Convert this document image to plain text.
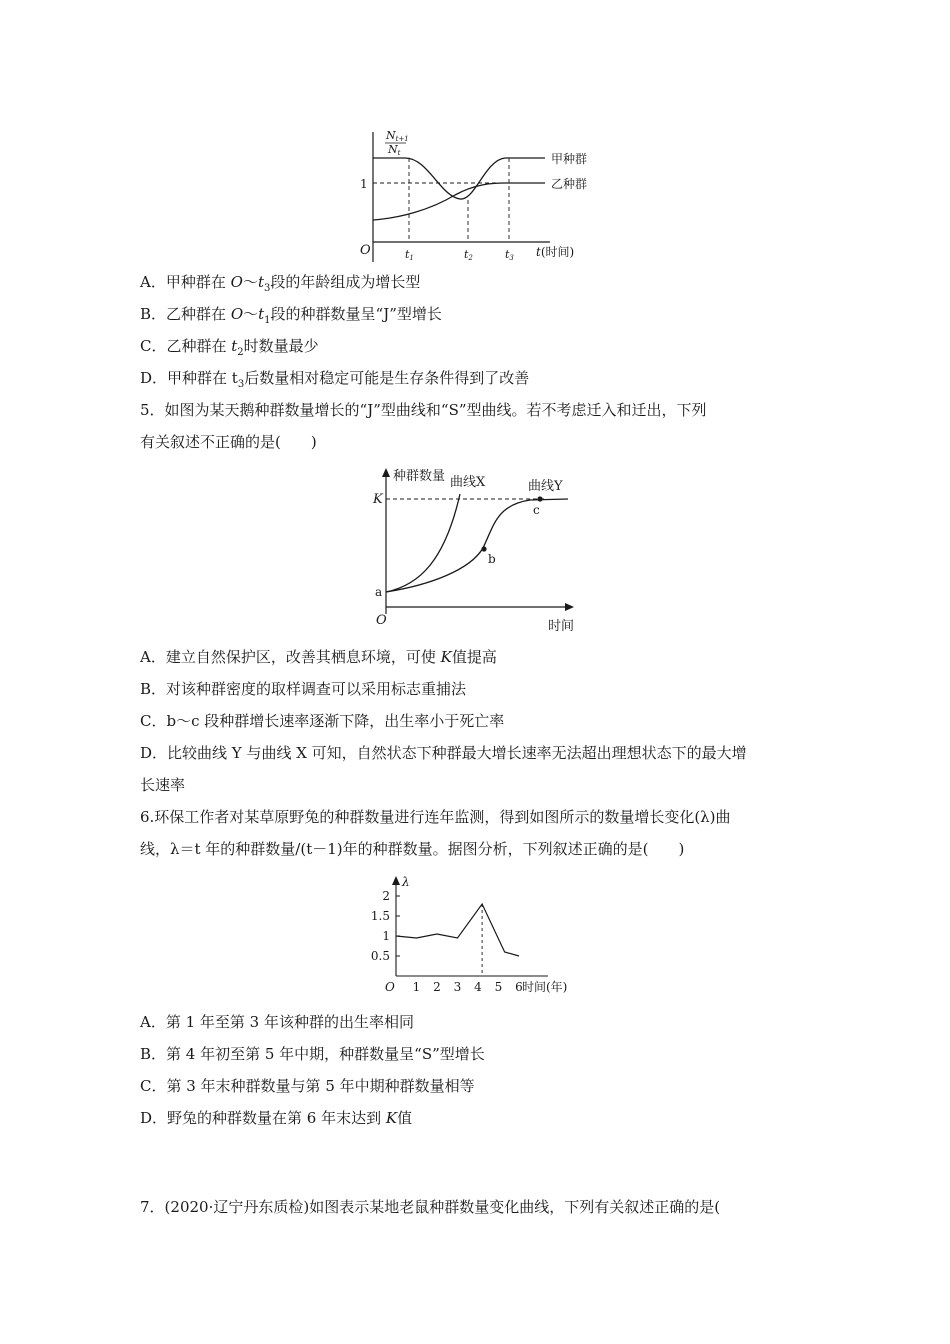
Nt+1
Nt
1
O
甲种群
乙种群
t1	t2	t3 t(时间)
A．甲种群在 $O\sim t_3$段的年龄组成为增长型
B．乙种群在 $O\sim t_1$段的种群数量呈“J”型增长
C．乙种群在 $t_2$时数量最少
D．甲种群在 $t_3$后数量相对稳定可能是生存条件得到了改善
5．如图为某天鹅种群数量增长的“J”型曲线和“S”型曲线。若不考虑迁入和迁出，下列
有关叙述不正确的是(　　)
种群数量
时间
O
K
a
b
c
曲线X	曲线Y
A．建立自然保护区，改善其栖息环境，可使 K值提高
B．对该种群密度的取样调查可以采用标志重捕法
C．b～c 段种群增长速率逐渐下降，出生率小于死亡率
D．比较曲线 Y 与曲线 X 可知，自然状态下种群最大增长速率无法超出理想状态下的最大增
长速率
6.环保工作者对某草原野兔的种群数量进行连年监测，得到如图所示的数量增长变化(λ)曲
线，λ＝t 年的种群数量/(t－1)年的种群数量。据图分析，下列叙述正确的是(　　)
λ
O	时间(年)
0.5
1
1.5
2
1 2 3 4 5 6
A．第 1 年至第 3 年该种群的出生率相同
B．第 4 年初至第 5 年中期，种群数量呈“S”型增长
C．第 3 年末种群数量与第 5 年中期种群数量相等
D．野兔的种群数量在第 6 年末达到 K值
7．(2020·辽宁丹东质检)如图表示某地老鼠种群数量变化曲线，下列有关叙述正确的是(
